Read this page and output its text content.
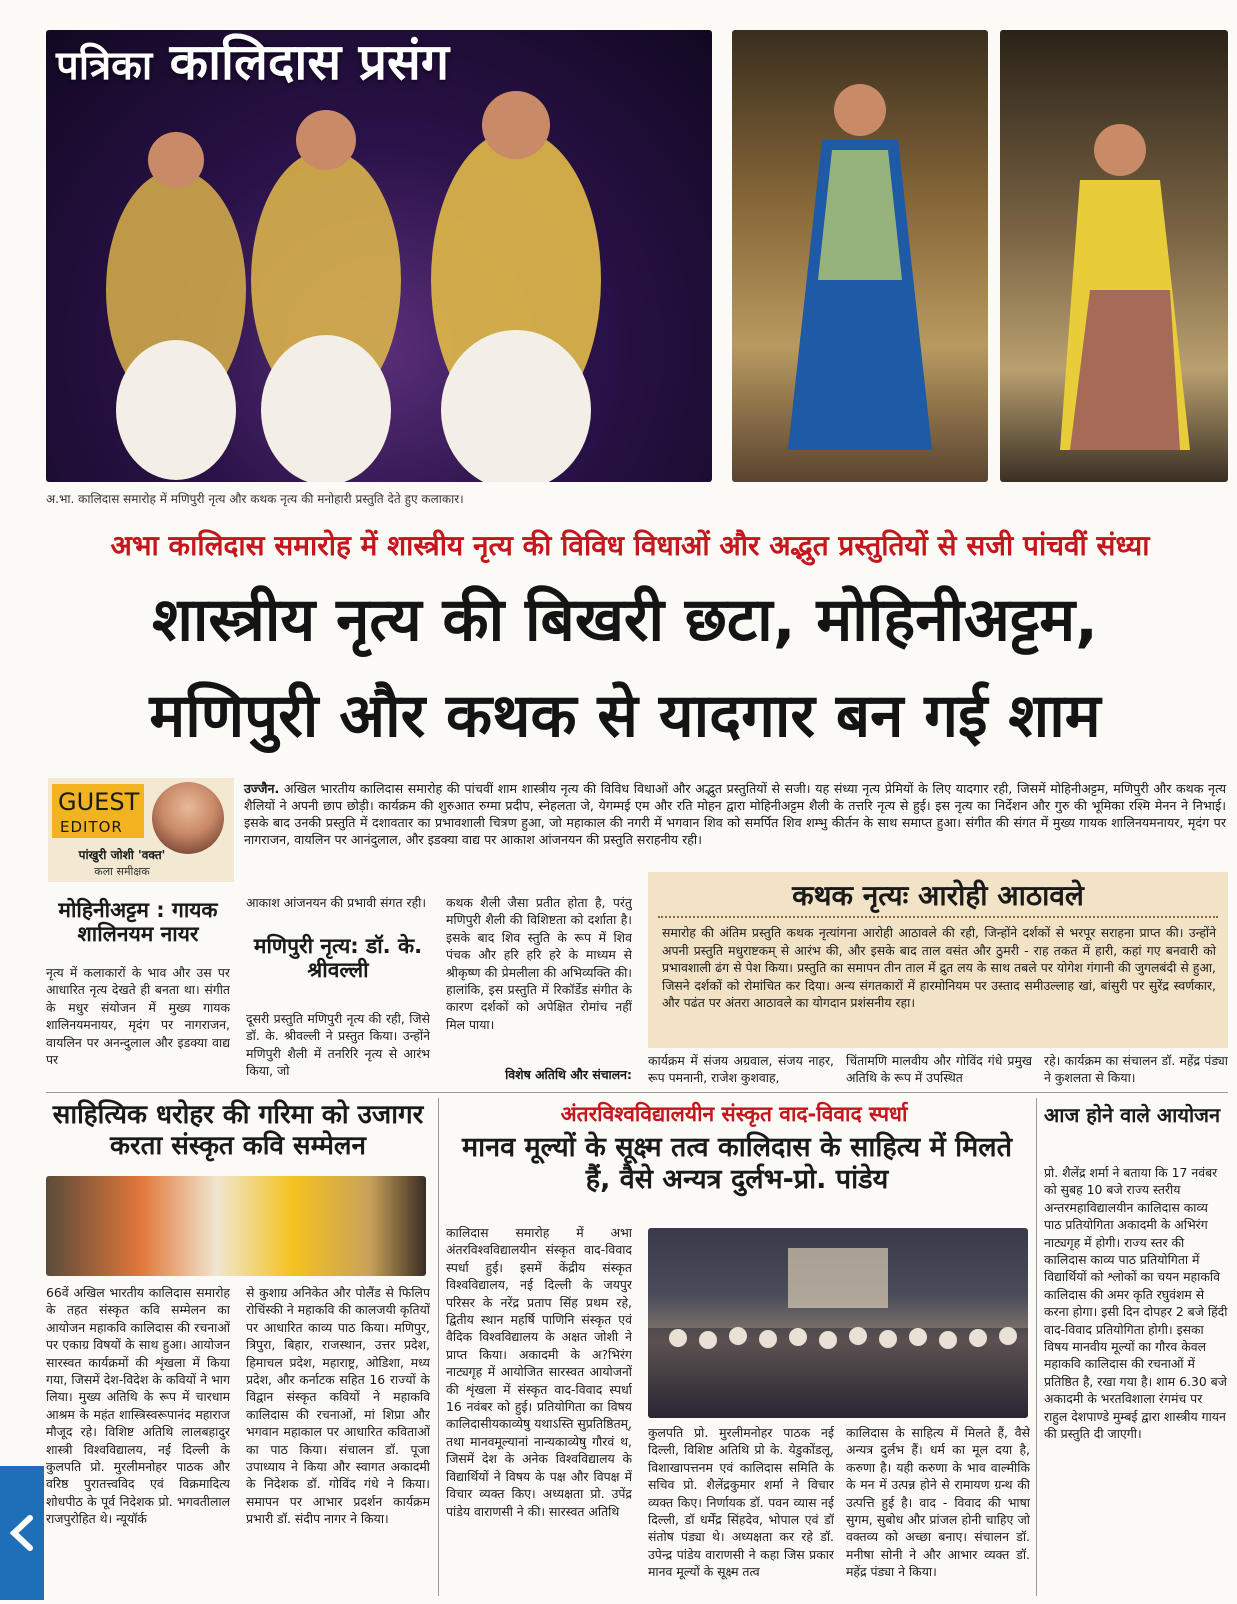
पत्रिका कालिदास प्रसंग
अ.भा. कालिदास समारोह में मणिपुरी नृत्य और कथक नृत्य की मनोहारी प्रस्तुति देते हुए कलाकार।
अभा कालिदास समारोह में शास्त्रीय नृत्य की विविध विधाओं और अद्भुत प्रस्तुतियों से सजी पांचवीं संध्या
शास्त्रीय नृत्य की बिखरी छटा, मोहिनीअट्टम,
मणिपुरी और कथक से यादगार बन गई शाम
GUEST
EDITOR
पांखुरी जोशी 'वक्त'
कला समीक्षक
उज्जैन. अखिल भारतीय कालिदास समारोह की पांचवीं शाम शास्त्रीय नृत्य की विविध विधाओं और अद्भुत प्रस्तुतियों से सजी। यह संध्या नृत्य प्रेमियों के लिए यादगार रही, जिसमें मोहिनीअट्टम, मणिपुरी और कथक नृत्य शैलियों ने अपनी छाप छोड़ी। कार्यक्रम की शुरुआत रुग्मा प्रदीप, स्नेहलता जे, येगम्मई एम और रति मोहन द्वारा मोहिनीअट्टम शैली के तत्तरि नृत्य से हुई। इस नृत्य का निर्देशन और गुरु की भूमिका रश्मि मेनन ने निभाई। इसके बाद उनकी प्रस्तुति में दशावतार का प्रभावशाली चित्रण हुआ, जो महाकाल की नगरी में भगवान शिव को समर्पित शिव शम्भु कीर्तन के साथ समाप्त हुआ। संगीत की संगत में मुख्य गायक शालिनयमनायर, मृदंग पर नागराजन, वायलिन पर आनंदुलाल, और इडक्या वाद्य पर आकाश आंजनयन की प्रस्तुति सराहनीय रही।
मोहिनीअट्टम : गायक शालिनयम नायर
नृत्य में कलाकारों के भाव और उस पर आधारित नृत्य देखते ही बनता था। संगीत के मधुर संयोजन में मुख्य गायक शालिनयमनायर, मृदंग पर नागराजन, वायलिन पर अनन्दुलाल और इडक्या वाद्य पर
आकाश आंजनयन की प्रभावी संगत रही।
मणिपुरी नृत्य: डॉ. के. श्रीवल्ली
दूसरी प्रस्तुति मणिपुरी नृत्य की रही, जिसे डॉ. के. श्रीवल्ली ने प्रस्तुत किया। उन्होंने मणिपुरी शैली में तनरिरि नृत्य से आरंभ किया, जो
कथक शैली जैसा प्रतीत होता है, परंतु मणिपुरी शैली की विशिष्टता को दर्शाता है। इसके बाद शिव स्तुति के रूप में शिव पंचक और हरि हरि हरे के माध्यम से श्रीकृष्ण की प्रेमलीला की अभिव्यक्ति की। हालांकि, इस प्रस्तुति में रिकॉर्डेड संगीत के कारण दर्शकों को अपेक्षित रोमांच नहीं मिल पाया।
विशेष अतिथि और संचालन:
कथक नृत्यः आरोही आठावले
समारोह की अंतिम प्रस्तुति कथक नृत्यांगना आरोही आठावले की रही, जिन्होंने दर्शकों से भरपूर सराहना प्राप्त की। उन्होंने अपनी प्रस्तुति मधुराष्टकम् से आरंभ की, और इसके बाद ताल वसंत और ठुमरी - राह तकत में हारी, कहां गए बनवारी को प्रभावशाली ढंग से पेश किया। प्रस्तुति का समापन तीन ताल में द्रुत लय के साथ तबले पर योगेश गंगानी की जुगलबंदी से हुआ, जिसने दर्शकों को रोमांचित कर दिया। अन्य संगतकारों में हारमोनियम पर उस्ताद समीउल्लाह खां, बांसुरी पर सुरेंद्र स्वर्णकार, और पढंत पर अंतरा आठावले का योगदान प्रशंसनीय रहा।
कार्यक्रम में संजय अग्रवाल, संजय नाहर, रूप पमनानी, राजेश कुशवाह,
चिंतामणि मालवीय और गोविंद गंधे प्रमुख अतिथि के रूप में उपस्थित
रहे। कार्यक्रम का संचालन डॉ. महेंद्र पंड्या ने कुशलता से किया।
साहित्यिक धरोहर की गरिमा को उजागर करता संस्कृत कवि सम्मेलन
66वें अखिल भारतीय कालिदास समारोह के तहत संस्कृत कवि सम्मेलन का आयोजन महाकवि कालिदास की रचनाओं पर एकाग्र विषयों के साथ हुआ। आयोजन सारस्वत कार्यक्रमों की शृंखला में किया गया, जिसमें देश-विदेश के कवियों ने भाग लिया। मुख्य अतिथि के रूप में चारधाम आश्रम के महंत शास्त्रिस्वरूपानंद महाराज मौजूद रहे। विशिष्ट अतिथि लालबहादुर शास्त्री विश्वविद्यालय, नई दिल्ली के कुलपति प्रो. मुरलीमनोहर पाठक और वरिष्ठ पुरातत्त्वविद एवं विक्रमादित्य शोधपीठ के पूर्व निदेशक प्रो. भगवतीलाल राजपुरोहित थे। न्यूयॉर्क
से कुशाग्र अनिकेत और पोलैंड से फिलिप रोचिंस्की ने महाकवि की कालजयी कृतियों पर आधारित काव्य पाठ किया। मणिपुर, त्रिपुरा, बिहार, राजस्थान, उत्तर प्रदेश, हिमाचल प्रदेश, महाराष्ट्र, ओडिशा, मध्य प्रदेश, और कर्नाटक सहित 16 राज्यों के विद्वान संस्कृत कवियों ने महाकवि कालिदास की रचनाओं, मां शिप्रा और भगवान महाकाल पर आधारित कविताओं का पाठ किया। संचालन डॉ. पूजा उपाध्याय ने किया और स्वागत अकादमी के निदेशक डॉ. गोविंद गंधे ने किया। समापन पर आभार प्रदर्शन कार्यक्रम प्रभारी डॉ. संदीप नागर ने किया।
अंतरविश्वविद्यालयीन संस्कृत वाद-विवाद स्पर्धा
मानव मूल्यों के सूक्ष्म तत्व कालिदास के साहित्य में मिलते हैं, वैसे अन्यत्र दुर्लभ-प्रो. पांडेय
कालिदास समारोह में अभा अंतरविश्वविद्यालयीन संस्कृत वाद-विवाद स्पर्धा हुई। इसमें केंद्रीय संस्कृत विश्वविद्यालय, नई दिल्ली के जयपुर परिसर के नरेंद्र प्रताप सिंह प्रथम रहे, द्वितीय स्थान महर्षि पाणिनि संस्कृत एवं वैदिक विश्वविद्यालय के अक्षत जोशी ने प्राप्त किया। अकादमी के अ?भिरंग नाट्यगृह में आयोजित सारस्वत आयोजनों की शृंखला में संस्कृत वाद-विवाद स्पर्धा 16 नवंबर को हुई। प्रतियोगिता का विषय कालिदासीयकाव्येषु यथाऽस्ति सुप्रतिष्ठितम्, तथा मानवमूल्यानां नान्यकाव्येषु गौरवं थ, जिसमें देश के अनेक विश्वविद्यालय के विद्यार्थियों ने विषय के पक्ष और विपक्ष में विचार व्यक्त किए। अध्यक्षता प्रो. उपेंद्र पांडेय वाराणसी ने की। सारस्वत अतिथि
कुलपति प्रो. मुरलीमनोहर पाठक नई दिल्ली, विशिष्ट अतिथि प्रो के. येडुकोंडलू, विशाखापत्तनम एवं कालिदास समिति के सचिव प्रो. शैलेंद्रकुमार शर्मा ने विचार व्यक्त किए। निर्णायक डॉ. पवन व्यास नई दिल्ली, डॉ धर्मेंद्र सिंहदेव, भोपाल एवं डॉ संतोष पंड्या थे। अध्यक्षता कर रहे डॉ. उपेन्द्र पांडेय वाराणसी ने कहा जिस प्रकार मानव मूल्यों के सूक्ष्म तत्व
कालिदास के साहित्य में मिलते हैं, वैसे अन्यत्र दुर्लभ हैं। धर्म का मूल दया है, करुणा है। यही करुणा के भाव वाल्मीकि के मन में उत्पन्न होने से रामायण ग्रन्थ की उत्पत्ति हुई है। वाद - विवाद की भाषा सुगम, सुबोध और प्रांजल होनी चाहिए जो वक्तव्य को अच्छा बनाए। संचालन डॉ. मनीषा सोनी ने और आभार व्यक्त डॉ. महेंद्र पंड्या ने किया।
आज होने वाले आयोजन
प्रो. शैलेंद्र शर्मा ने बताया कि 17 नवंबर को सुबह 10 बजे राज्य स्तरीय अन्तरमहाविद्यालयीन कालिदास काव्य पाठ प्रतियोगिता अकादमी के अभिरंग नाट्यगृह में होगी। राज्य स्तर की कालिदास काव्य पाठ प्रतियोगिता में विद्यार्थियों को श्लोकों का चयन महाकवि कालिदास की अमर कृति रघुवंशम से करना होगा। इसी दिन दोपहर 2 बजे हिंदी वाद-विवाद प्रतियोगिता होगी। इसका विषय मानवीय मूल्यों का गौरव केवल महाकवि कालिदास की रचनाओं में प्रतिष्ठित है, रखा गया है। शाम 6.30 बजे अकादमी के भरतविशाला रंगमंच पर राहुल देशपाण्डे मुम्बई द्वारा शास्त्रीय गायन की प्रस्तुति दी जाएगी।
